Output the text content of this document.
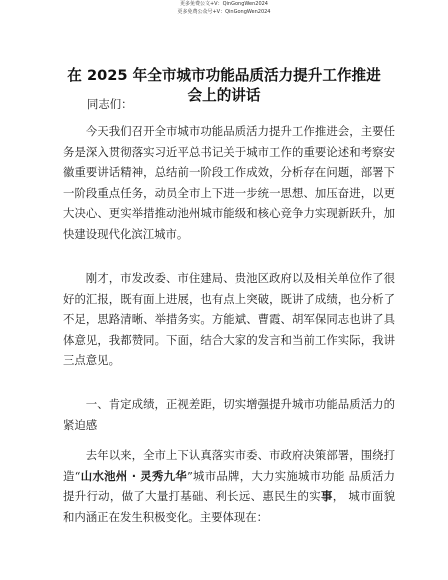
更多免费公文+V：QinGongWen2024
更多免费公众号+V：QinGongWen2024
在 2025 年全市城市功能品质活力提升工作推进
会上的讲话
同志们：
今天我们召开全市城市功能品质活力提升工作推进会，主要任务是深入贯彻落实习近平总书记关于城市工作的重要论述和考察安徽重要讲话精神，总结前一阶段工作成效，分析存在问题，部署下一阶段重点任务，动员全市上下进一步统一思想、加压奋进，以更大决心、更实举措推动池州城市能级和核心竞争力实现新跃升，加快建设现代化滨江城市。
刚才，市发改委、市住建局、贵池区政府以及相关单位作了很好的汇报，既有面上进展，也有点上突破，既讲了成绩，也分析了不足，思路清晰、举措务实。方能斌、曹霞、胡军保同志也讲了具体意见，我都赞同。下面，结合大家的发言和当前工作实际，我讲三点意见。
一、肯定成绩，正视差距，切实增强提升城市功能品质活力的紧迫感
去年以来，全市上下认真落实市委、市政府决策部署，围绕打造“山水池州 · 灵秀九华”城市品牌，大力实施城市功能 品质活力提升行动，做了大量打基础、利长远、惠民生的实事， 城市面貌和内涵正在发生积极变化。主要体现在：
